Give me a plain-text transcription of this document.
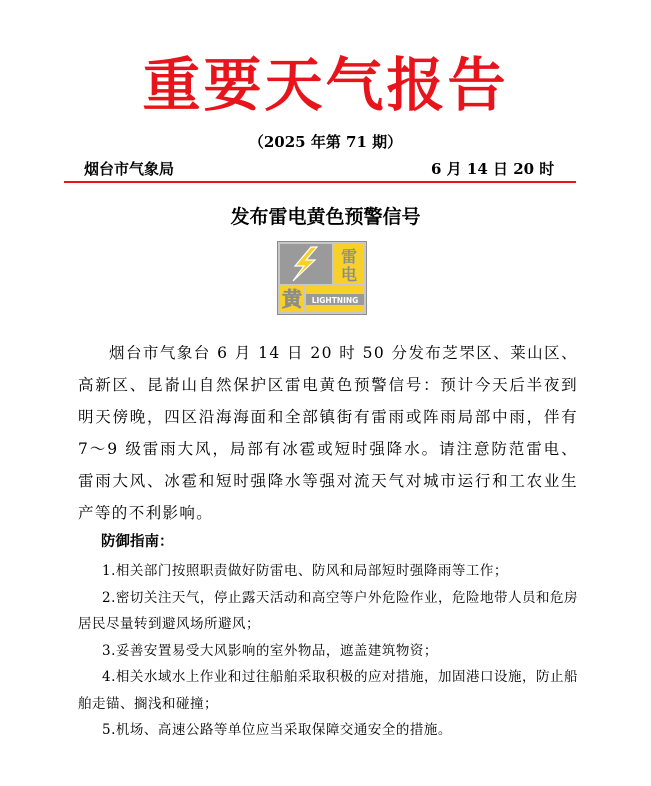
重要天气报告
（2025 年第 71 期）
烟台市气象局	6 月 14 日 20 时
发布雷电黄色预警信号
雷
电
黄 LIGHTNING
烟台市气象台 6 月 14 日 20 时 50 分发布芝罘区、莱山区、高新区、昆嵛山自然保护区雷电黄色预警信号：预计今天后半夜到明天傍晚，四区沿海海面和全部镇街有雷雨或阵雨局部中雨，伴有 7～9 级雷雨大风，局部有冰雹或短时强降水。请注意防范雷电、雷雨大风、冰雹和短时强降水等强对流天气对城市运行和工农业生产等的不利影响。
防御指南：

1.相关部门按照职责做好防雷电、防风和局部短时强降雨等工作；

2.密切关注天气，停止露天活动和高空等户外危险作业，危险地带人员和危房居民尽量转到避风场所避风；

3.妥善安置易受大风影响的室外物品，遮盖建筑物资；

4.相关水域水上作业和过往船舶采取积极的应对措施，加固港口设施，防止船舶走锚、搁浅和碰撞；

5.机场、高速公路等单位应当采取保障交通安全的措施。
